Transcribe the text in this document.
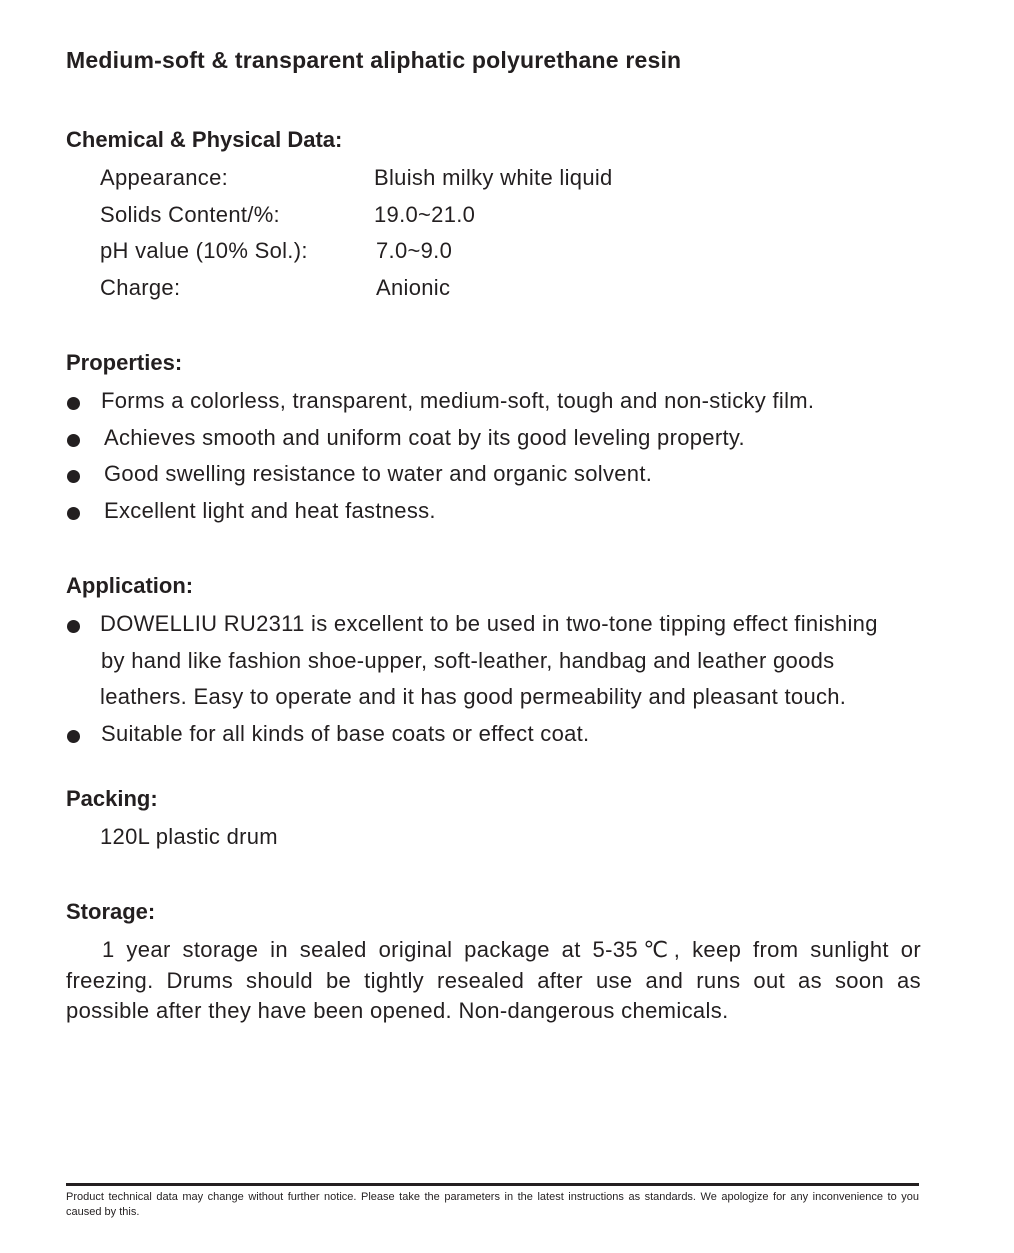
Medium-soft & transparent aliphatic polyurethane resin
Chemical & Physical Data:
Appearance:	Bluish milky white liquid
Solids Content/%:	19.0~21.0
pH value (10% Sol.):	7.0~9.0
Charge:	Anionic
Properties:
Forms a colorless, transparent, medium-soft, tough and non-sticky film.
Achieves smooth and uniform coat by its good leveling property.
Good swelling resistance to water and organic solvent.
Excellent light and heat fastness.
Application:
DOWELLIU RU2311 is excellent to be used in two-tone tipping effect finishing
by hand like fashion shoe-upper, soft-leather, handbag and leather goods
leathers. Easy to operate and it has good permeability and pleasant touch.
Suitable for all kinds of base coats or effect coat.
Packing:
120L plastic drum
Storage:
1 year storage in sealed original package at 5-35℃, keep from sunlight or freezing. Drums should be tightly resealed after use and runs out as soon as possible after they have been opened. Non-dangerous chemicals.
Product technical data may change without further notice. Please take the parameters in the latest instructions as standards. We apologize for any inconvenience to you caused by this.
